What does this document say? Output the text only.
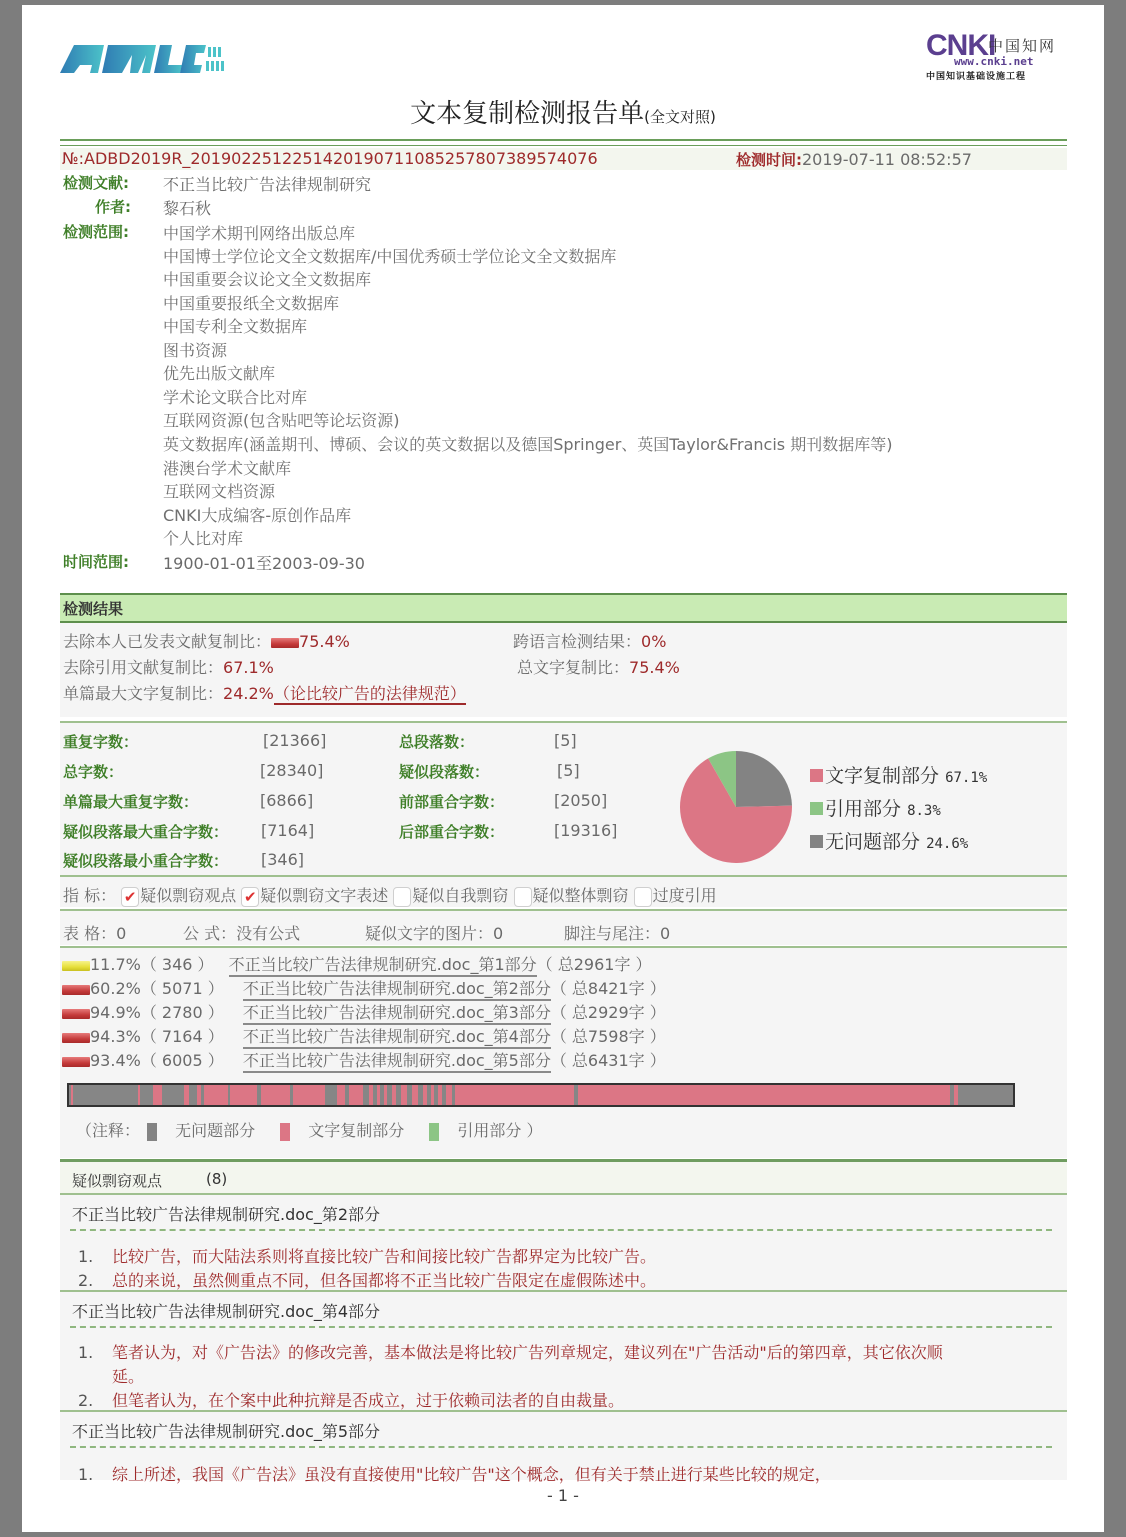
CNKI
中国知网
www.cnki.net
中国知识基础设施工程
文本复制检测报告单(全文对照)
№:ADBD2019R_2019022512251420190711085257807389574076	检测时间:2019-07-11 08:52:57
检测文献: 不正当比较广告法律规制研究
作者: 黎石秋
检测范围: 中国学术期刊网络出版总库
中国博士学位论文全文数据库/中国优秀硕士学位论文全文数据库
中国重要会议论文全文数据库
中国重要报纸全文数据库
中国专利全文数据库
图书资源
优先出版文献库
学术论文联合比对库
互联网资源(包含贴吧等论坛资源)
英文数据库(涵盖期刊、博硕、会议的英文数据以及德国Springer、英国Taylor&Francis 期刊数据库等)
港澳台学术文献库
互联网文档资源
CNKI大成编客-原创作品库
个人比对库
时间范围: 1900-01-01至2003-09-30
检测结果
去除本人已发表文献复制比： 75.4%	跨语言检测结果：0%
去除引用文献复制比：67.1%	总文字复制比：75.4%
单篇最大文字复制比：24.2%（论比较广告的法律规范）
重复字数：	[21366]
总字数：	[28340]
单篇最大重复字数：	[6866]
疑似段落最大重合字数： [7164]
疑似段落最小重合字数： [346]
总段落数：	[5]
疑似段落数：	[5]
前部重合字数：	[2050]
后部重合字数：	[19316]
文字复制部分 67.1%
引用部分 8.3%
无问题部分 24.6%
指 标： ✔ 疑似剽窃观点 ✔ 疑似剽窃文字表述 疑似自我剽窃 疑似整体剽窃 过度引用
表 格：0	公 式：没有公式	疑似文字的图片：0	脚注与尾注：0
11.7%（ 346 ） 不正当比较广告法律规制研究.doc_第1部分（ 总2961字 ）
60.2%（ 5071 ） 不正当比较广告法律规制研究.doc_第2部分（ 总8421字 ）
94.9%（ 2780 ） 不正当比较广告法律规制研究.doc_第3部分（ 总2929字 ）
94.3%（ 7164 ） 不正当比较广告法律规制研究.doc_第4部分（ 总7598字 ）
93.4%（ 6005 ） 不正当比较广告法律规制研究.doc_第5部分（ 总6431字 ）
（注释： 无问题部分	文字复制部分	引用部分 ）
疑似剽窃观点	(8)
不正当比较广告法律规制研究.doc_第2部分
1. 比较广告，而大陆法系则将直接比较广告和间接比较广告都界定为比较广告。
2. 总的来说，虽然侧重点不同，但各国都将不正当比较广告限定在虚假陈述中。
不正当比较广告法律规制研究.doc_第4部分
1. 笔者认为，对《广告法》的修改完善，基本做法是将比较广告列章规定，建议列在"广告活动"后的第四章，其它依次顺
延。
2. 但笔者认为，在个案中此种抗辩是否成立，过于依赖司法者的自由裁量。
不正当比较广告法律规制研究.doc_第5部分
1. 综上所述，我国《广告法》虽没有直接使用"比较广告"这个概念，但有关于禁止进行某些比较的规定，
- 1 -
